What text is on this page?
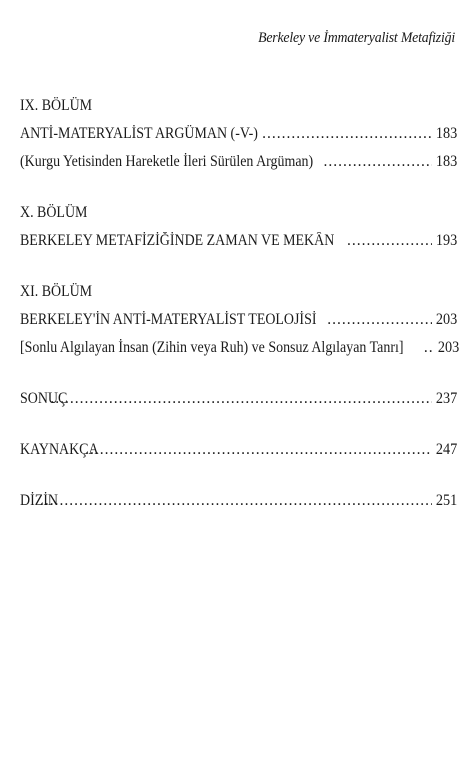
Berkeley ve İmmateryalist Metafiziği
IX. BÖLÜM
ANTİ-MATERYALİST ARGÜMAN (-V-) .....	183
(Kurgu Yetisinden Hareketle İleri Sürülen Argüman) .....	183
X. BÖLÜM
BERKELEY METAFİZİĞİNDE ZAMAN VE MEKÂN .....	193
XI. BÖLÜM
BERKELEY'İN ANTİ-MATERYALİST TEOLOJİSİ .....	203
[Sonlu Algılayan İnsan (Zihin veya Ruh) ve Sonsuz Algılayan Tanrı] ..... 203
SONUÇ .....	237
KAYNAKÇA .....	247
DİZİN .....	251
